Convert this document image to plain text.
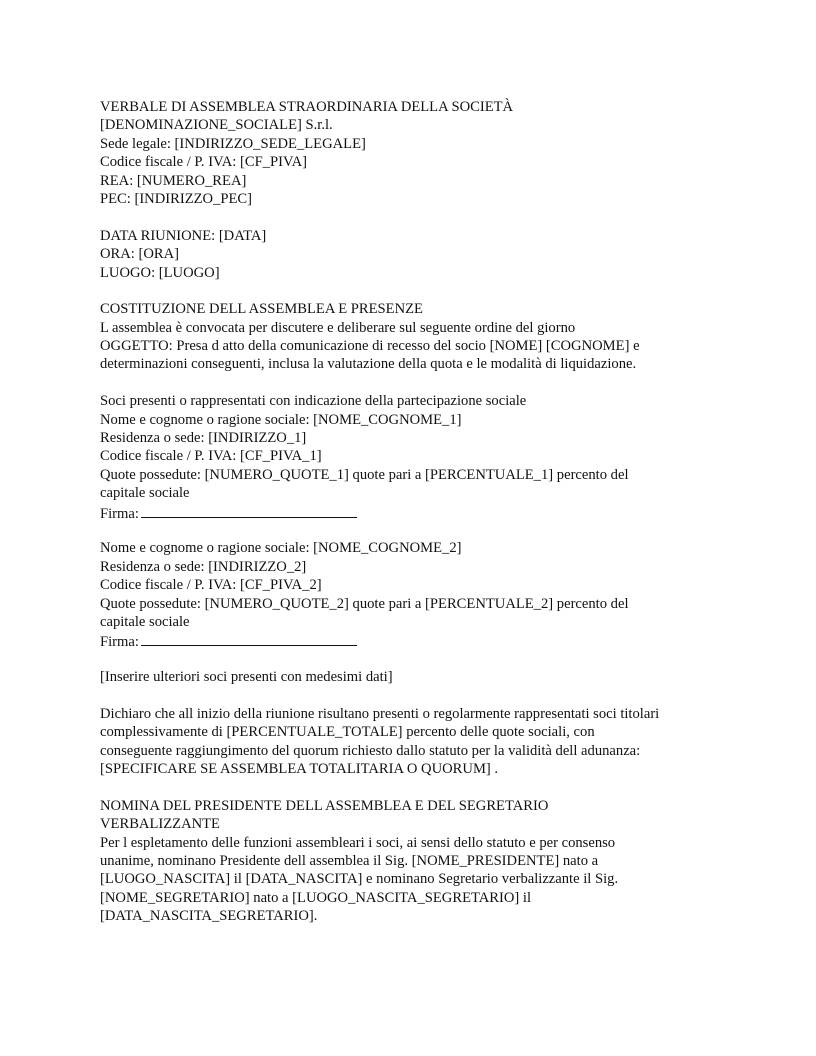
VERBALE DI ASSEMBLEA STRAORDINARIA DELLA SOCIETÀ
[DENOMINAZIONE_SOCIALE] S.r.l.
Sede legale: [INDIRIZZO_SEDE_LEGALE]
Codice fiscale / P. IVA: [CF_PIVA]
REA: [NUMERO_REA]
PEC: [INDIRIZZO_PEC]
DATA RIUNIONE: [DATA]
ORA: [ORA]
LUOGO: [LUOGO]
COSTITUZIONE DELL ASSEMBLEA E PRESENZE
L assemblea è convocata per discutere e deliberare sul seguente ordine del giorno
OGGETTO: Presa d atto della comunicazione di recesso del socio [NOME] [COGNOME] e
determinazioni conseguenti, inclusa la valutazione della quota e le modalità di liquidazione.
Soci presenti o rappresentati con indicazione della partecipazione sociale
Nome e cognome o ragione sociale: [NOME_COGNOME_1]
Residenza o sede: [INDIRIZZO_1]
Codice fiscale / P. IVA: [CF_PIVA_1]
Quote possedute: [NUMERO_QUOTE_1] quote pari a [PERCENTUALE_1] percento del
capitale sociale
Firma:
Nome e cognome o ragione sociale: [NOME_COGNOME_2]
Residenza o sede: [INDIRIZZO_2]
Codice fiscale / P. IVA: [CF_PIVA_2]
Quote possedute: [NUMERO_QUOTE_2] quote pari a [PERCENTUALE_2] percento del
capitale sociale
Firma:
[Inserire ulteriori soci presenti con medesimi dati]
Dichiaro che all inizio della riunione risultano presenti o regolarmente rappresentati soci titolari
complessivamente di [PERCENTUALE_TOTALE] percento delle quote sociali, con
conseguente raggiungimento del quorum richiesto dallo statuto per la validità dell adunanza:
[SPECIFICARE SE ASSEMBLEA TOTALITARIA O QUORUM] .
NOMINA DEL PRESIDENTE DELL ASSEMBLEA E DEL SEGRETARIO
VERBALIZZANTE
Per l espletamento delle funzioni assembleari i soci, ai sensi dello statuto e per consenso
unanime, nominano Presidente dell assemblea il Sig. [NOME_PRESIDENTE] nato a
[LUOGO_NASCITA] il [DATA_NASCITA] e nominano Segretario verbalizzante il Sig.
[NOME_SEGRETARIO] nato a [LUOGO_NASCITA_SEGRETARIO] il
[DATA_NASCITA_SEGRETARIO].
